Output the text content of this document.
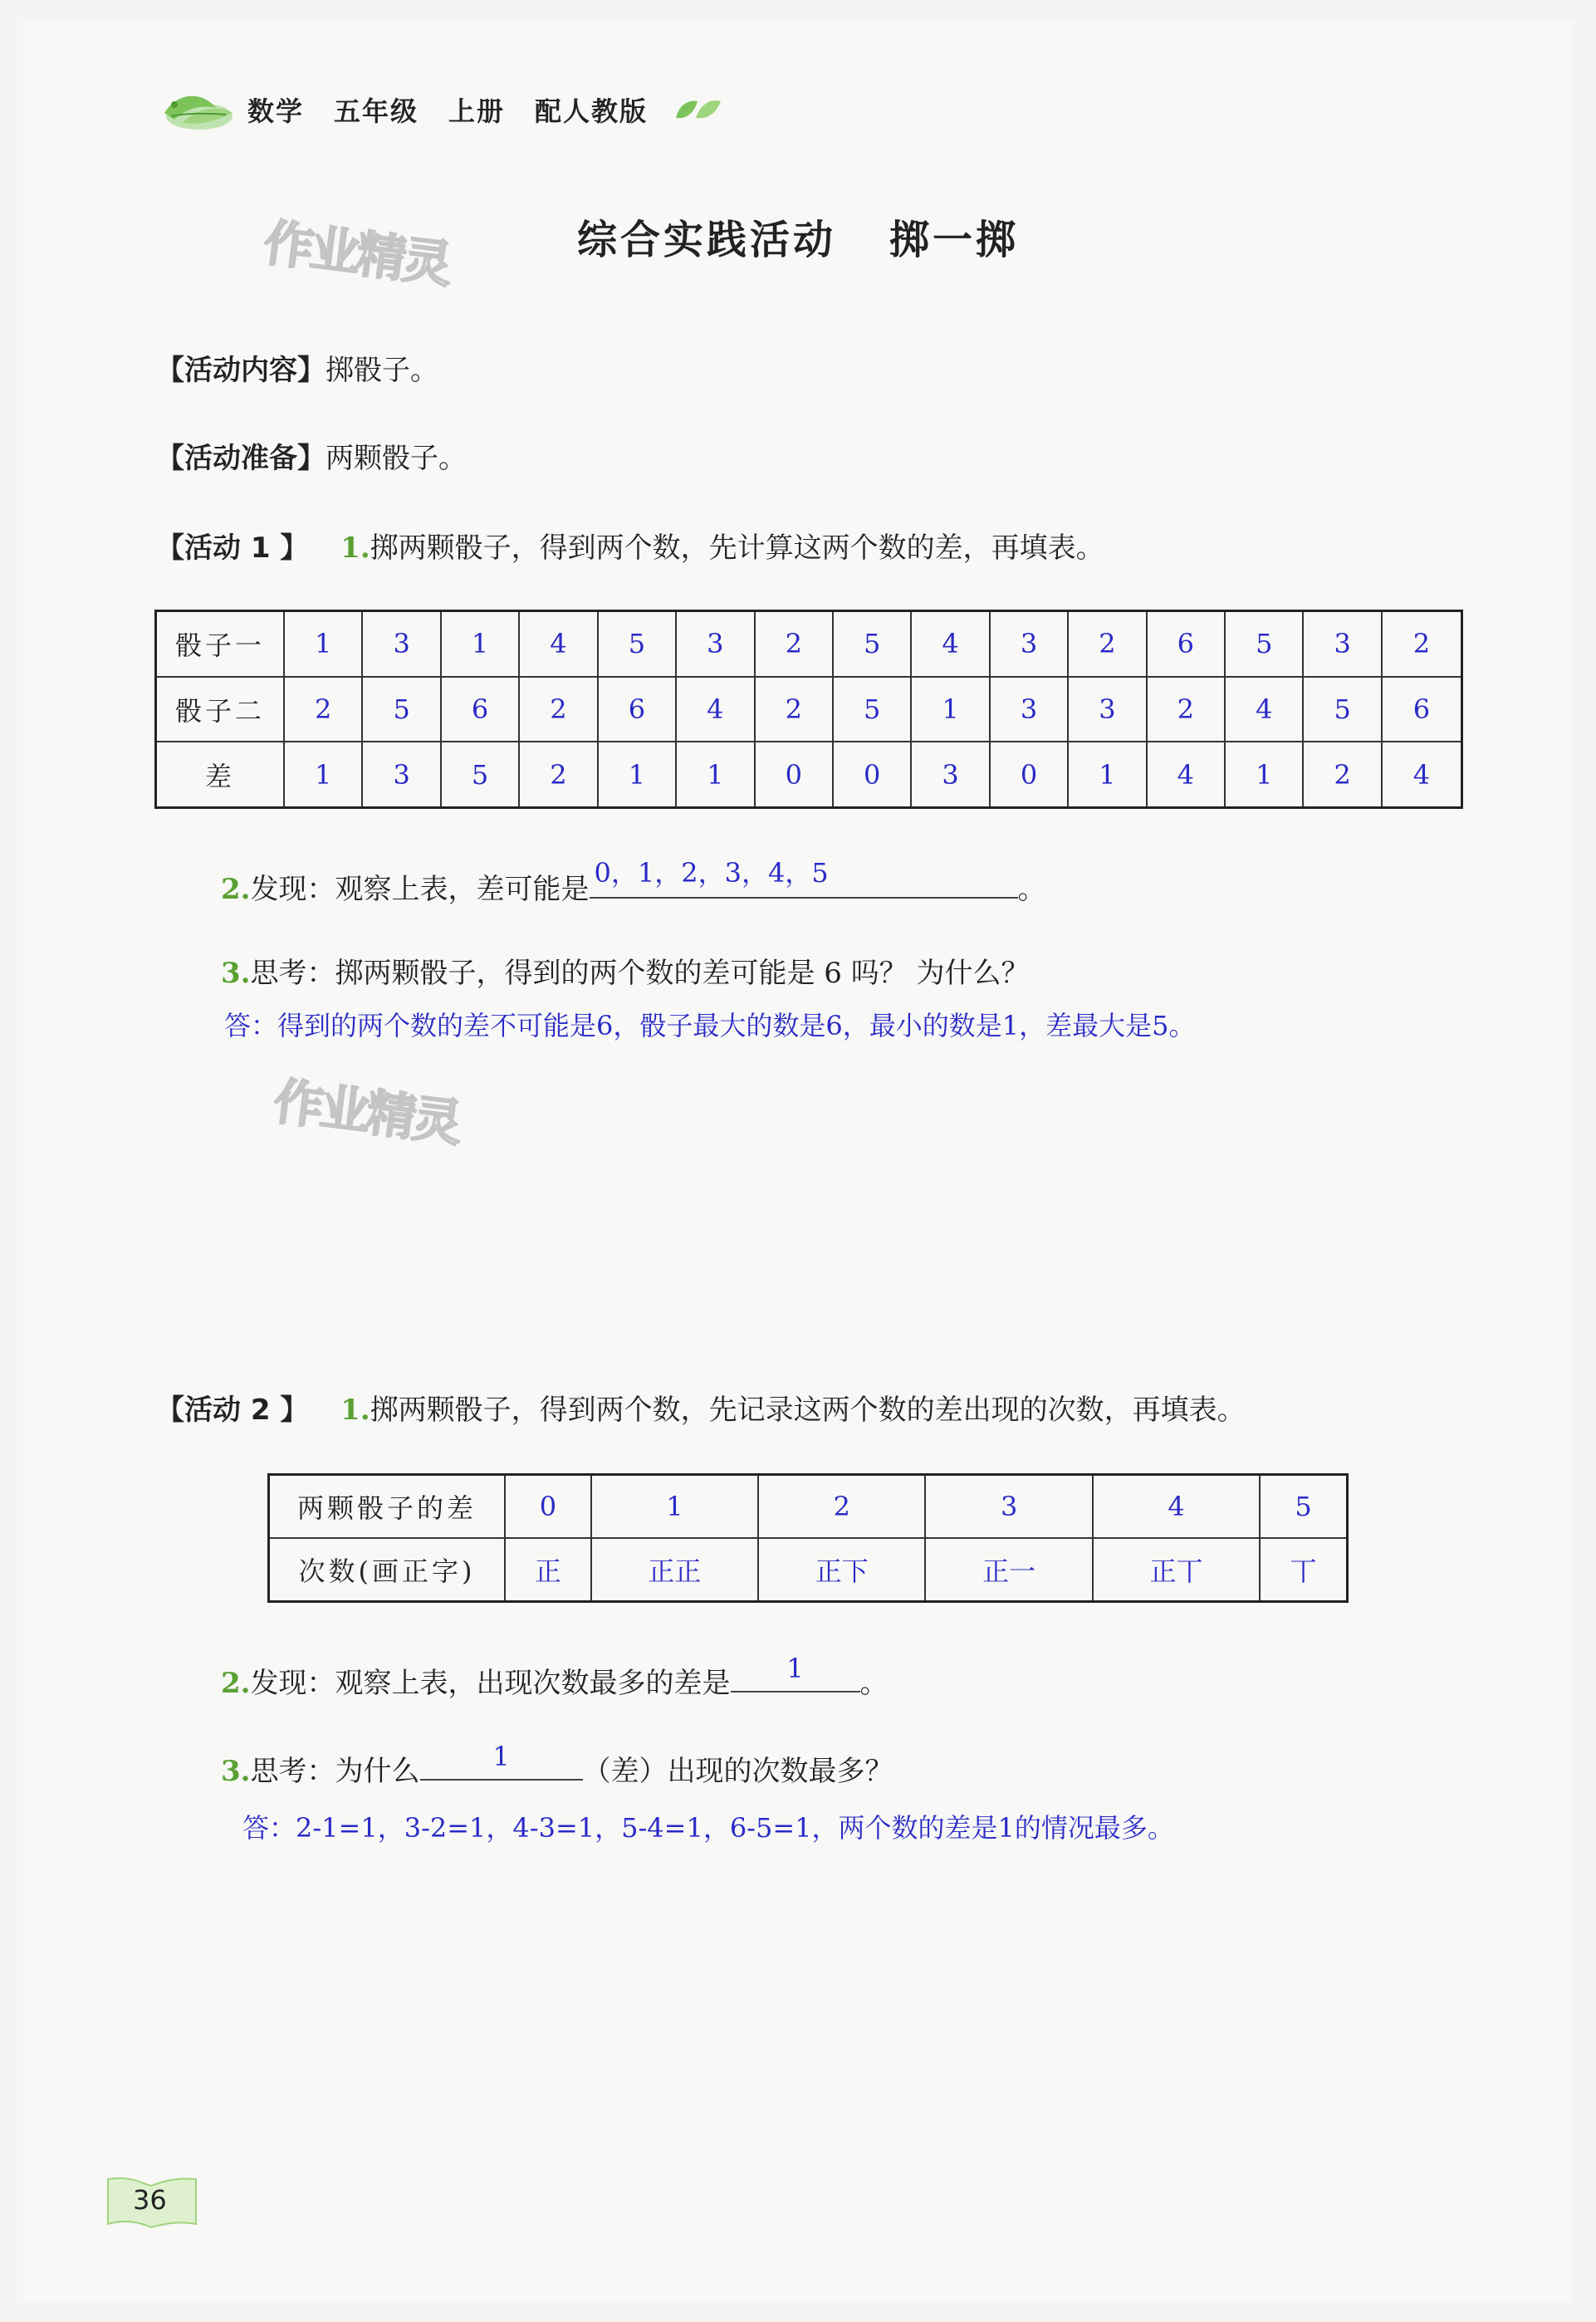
数学 五年级 上册 配人教版
作业精灵
作业精灵
综合实践活动 掷一掷
【活动内容】掷骰子。
【活动准备】两颗骰子。
【活动 1 】 1.掷两颗骰子，得到两个数，先计算这两个数的差，再填表。
骰子一	1	3	1	4	5	3	2	5	4	3	2	6	5	3	2
骰子二	2	5	6	2	6	4	2	5	1	3	3	2	4	5	6
差	1	3	5	2	1	1	0	0	3	0	1	4	1	2	4
2.发现：观察上表，差可能是 0，1，2，3，4，5	。
3.思考：掷两颗骰子，得到的两个数的差可能是 6 吗？ 为什么？
答：得到的两个数的差不可能是6，骰子最大的数是6，最小的数是1，差最大是5。
【活动 2 】 1.掷两颗骰子，得到两个数，先记录这两个数的差出现的次数，再填表。
两颗骰子的差	0	1	2	3	4	5
次数(画正字)	正	正正	正下	正一	正丅	丅
2.发现：观察上表，出现次数最多的差是	1	。
3.思考：为什么	1	（差）出现的次数最多？
答：2-1=1，3-2=1，4-3=1，5-4=1，6-5=1，两个数的差是1的情况最多。
36
